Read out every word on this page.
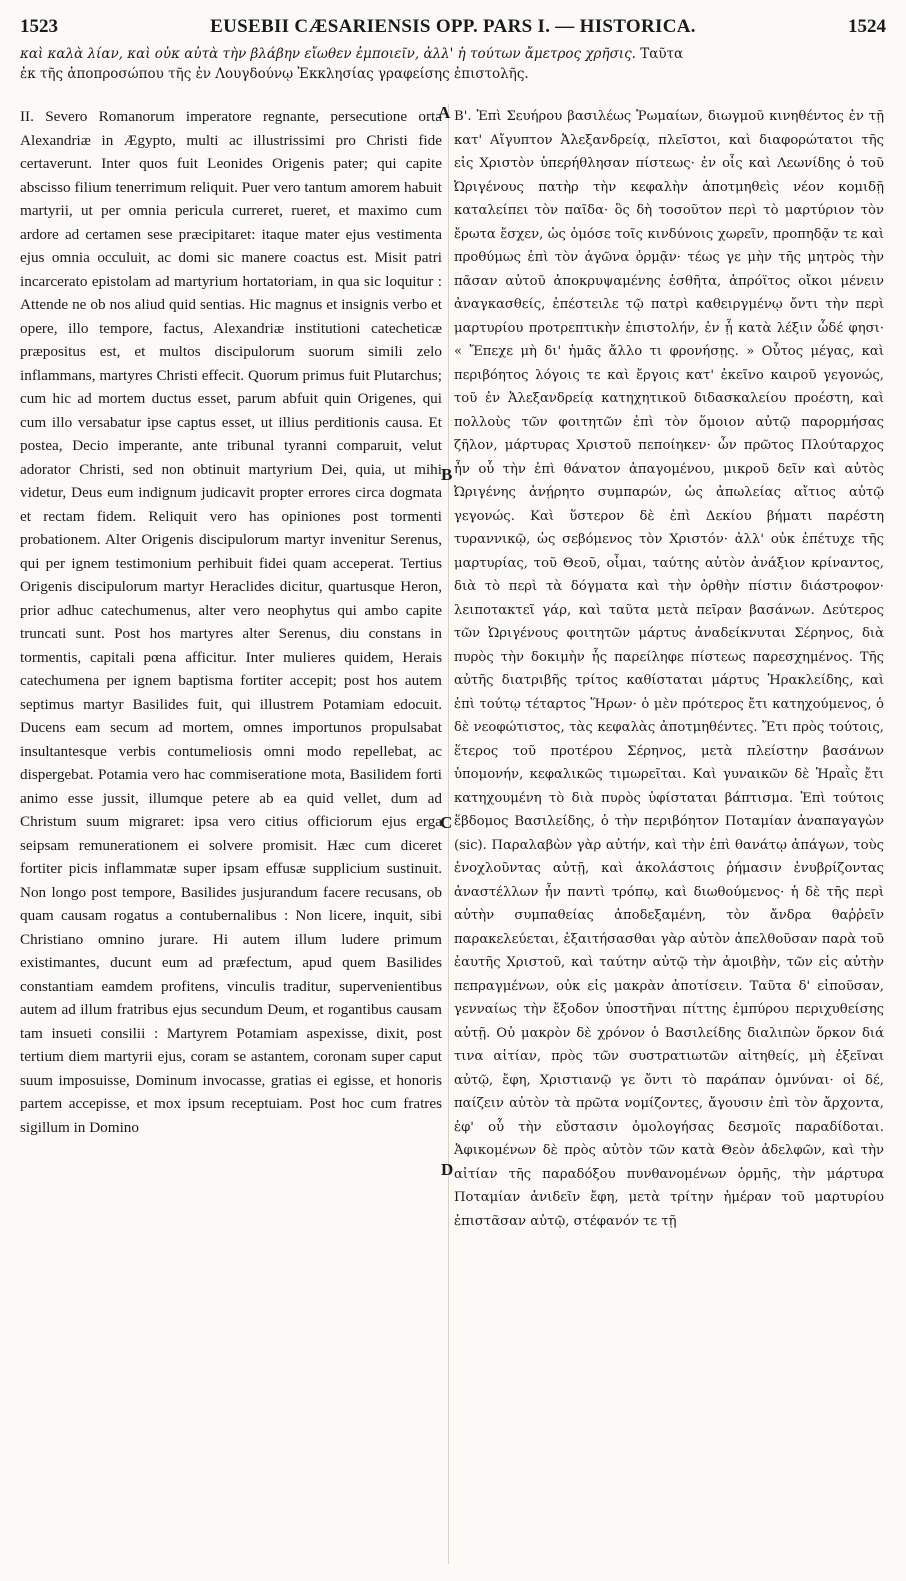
1523	EUSEBII CÆSARIENSIS OPP. PARS I. — HISTORICA.	1524
καὶ καλὰ λίαν, καὶ οὐκ αὐτὰ τὴν βλάβην εἴωθεν ἐμποιεῖν, ἀλλ' ἡ τούτων ἄμετρος χρῆσις. Ταῦτα
ἐκ τῆς ἀποπροσώπου τῆς ἐν Λουγδούνῳ Ἐκκλησίας γραφείσης ἐπιστολῆς.

II. Severo Romanorum imperatore regnante, persecutione orta Alexandriæ in Ægypto, multi ac illustrissimi pro Christi fide certaverunt. Inter quos fuit Leonides Origenis pater; qui capite abscisso filium tenerrimum reliquit. Puer vero tantum amorem habuit martyrii, ut per omnia pericula curreret, rueret, et maximo cum ardore ad certamen sese præcipitaret: itaque mater ejus vestimenta ejus omnia occuluit, ac domi sic manere coactus est. Misit patri incarcerato epistolam ad martyrium hortatoriam, in qua sic loquitur : Attende ne ob nos aliud quid sentias. Hic magnus et insignis verbo et opere, illo tempore, factus, Alexandriæ institutioni catecheticæ præpositus est, et multos discipulorum suorum simili zelo inflammans, martyres Christi effecit. Quorum primus fuit Plutarchus; cum hic ad mortem ductus esset, parum abfuit quin Origenes, qui cum illo versabatur ipse captus esset, ut illius perditionis causa. Et postea, Decio imperante, ante tribunal tyranni comparuit, velut adorator Christi, sed non obtinuit martyrium Dei, quia, ut mihi videtur, Deus eum indignum judicavit propter errores circa dogmata et rectam fidem. Reliquit vero has opiniones post tormenti probationem. Alter Origenis discipulorum martyr invenitur Serenus, qui per ignem testimonium perhibuit fidei quam acceperat. Tertius Origenis discipulorum martyr Heraclides dicitur, quartusque Heron, prior adhuc catechumenus, alter vero neophytus qui ambo capite truncati sunt. Post hos martyres alter Serenus, diu constans in tormentis, capitali pœna afficitur. Inter mulieres quidem, Herais catechumena per ignem baptisma fortiter accepit; post hos autem septimus martyr Basilides fuit, qui illustrem Potamiam edocuit. Ducens eam secum ad mortem, omnes importunos propulsabat insultantesque verbis contumeliosis omni modo repellebat, ac dispergebat. Potamia vero hac commiseratione mota, Basilidem forti animo esse jussit, illumque petere ab ea quid vellet, dum ad Christum suum migraret: ipsa vero citius officiorum ejus erga seipsam remunerationem ei solvere promisit. Hæc cum diceret fortiter picis inflammatæ super ipsam effusæ supplicium sustinuit. Non longo post tempore, Basilides jusjurandum facere recusans, ob quam causam rogatus a contubernalibus : Non licere, inquit, sibi Christiano omnino jurare. Hi autem illum ludere primum existimantes, ducunt eum ad præfectum, apud quem Basilides constantiam eamdem profitens, vinculis traditur, supervenientibus autem ad illum fratribus ejus secundum Deum, et rogantibus causam tam insueti consilii : Martyrem Potamiam aspexisse, dixit, post tertium diem martyrii ejus, coram se astantem, coronam super caput suum imposuisse, Dominum invocasse, gratias ei egisse, et honoris partem accepisse, et mox ipsum receptuiam. Post hoc cum fratres sigillum in Domino

Β'. Ἐπὶ Σευήρου βασιλέως Ῥωμαίων, διωγμοῦ κινηθέντος ἐν τῇ κατ' Αἴγυπτον Ἀλεξανδρείᾳ, πλεῖστοι, καὶ διαφορώτατοι τῆς εἰς Χριστὸν ὑπερήθλησαν πίστεως· ἐν οἷς καὶ Λεωνίδης ὁ τοῦ Ὠριγένους πατὴρ τὴν κεφαλὴν ἀποτμηθεὶς νέον κομιδῇ καταλείπει τὸν παῖδα· ὃς δὴ τοσοῦτον περὶ τὸ μαρτύριον τὸν ἔρωτα ἔσχεν, ὡς ὁμόσε τοῖς κινδύνοις χωρεῖν, προπηδᾷν τε καὶ προθύμως ἐπὶ τὸν ἀγῶνα ὁρμᾷν· τέως γε μὴν τῆς μητρὸς τὴν πᾶσαν αὐτοῦ ἀποκρυψαμένης ἐσθῆτα, ἀπρόϊτος οἴκοι μένειν ἀναγκασθείς, ἐπέστειλε τῷ πατρὶ καθειργμένῳ ὄντι τὴν περὶ μαρτυρίου προτρεπτικὴν ἐπιστολήν, ἐν ᾗ κατὰ λέξιν ὧδέ φησι· « Ἔπεχε μὴ δι' ἡμᾶς ἄλλο τι φρονήσῃς. » Οὗτος μέγας, καὶ περιβόητος λόγοις τε καὶ ἔργοις κατ' ἐκεῖνο καιροῦ γεγονώς, τοῦ ἐν Ἀλεξανδρείᾳ κατηχητικοῦ διδασκαλείου προέστη, καὶ πολλοὺς τῶν φοιτητῶν ἐπὶ τὸν ὅμοιον αὐτῷ παρορμήσας ζῆλον, μάρτυρας Χριστοῦ πεποίηκεν· ὧν πρῶτος Πλούταρχος ἦν οὗ τὴν ἐπὶ θάνατον ἀπαγομένου, μικροῦ δεῖν καὶ αὐτὸς Ὠριγένης ἀνῄρητο συμπαρών, ὡς ἀπωλείας αἴτιος αὐτῷ γεγονώς. Καὶ ὕστερον δὲ ἐπὶ Δεκίου βήματι παρέστη τυραννικῷ, ὡς σεβόμενος τὸν Χριστόν· ἀλλ' οὐκ ἐπέτυχε τῆς μαρτυρίας, τοῦ Θεοῦ, οἶμαι, ταύτης αὐτὸν ἀνάξιον κρίναντος, διὰ τὸ περὶ τὰ δόγματα καὶ τὴν ὀρθὴν πίστιν διάστροφον· λειποτακτεῖ γάρ, καὶ ταῦτα μετὰ πεῖραν βασάνων. Δεύτερος τῶν Ὠριγένους φοιτητῶν μάρτυς ἀναδείκνυται Σέρηνος, διὰ πυρὸς τὴν δοκιμὴν ἧς παρείληφε πίστεως παρεσχημένος. Τῆς αὐτῆς διατριβῆς τρίτος καθίσταται μάρτυς Ἡρακλείδης, καὶ ἐπὶ τούτῳ τέταρτος Ἥρων· ὁ μὲν πρότερος ἔτι κατηχούμενος, ὁ δὲ νεοφώτιστος, τὰς κεφαλὰς ἀποτμηθέντες. Ἔτι πρὸς τούτοις, ἕτερος τοῦ προτέρου Σέρηνος, μετὰ πλείστην βασάνων ὑπομονήν, κεφαλικῶς τιμωρεῖται. Καὶ γυναικῶν δὲ Ἡραῒς ἔτι κατηχουμένη τὸ διὰ πυρὸς ὑφίσταται βάπτισμα. Ἐπὶ τούτοις ἕβδομος Βασιλείδης, ὁ τὴν περιβόητον Ποταμίαν ἀναπαγαγὼν (sic). Παραλαβὼν γὰρ αὐτήν, καὶ τὴν ἐπὶ θανάτῳ ἀπάγων, τοὺς ἐνοχλοῦντας αὐτῇ, καὶ ἀκολάστοις ῥήμασιν ἐνυβρίζοντας ἀναστέλλων ἦν παντὶ τρόπῳ, καὶ διωθούμενος· ἡ δὲ τῆς περὶ αὐτὴν συμπαθείας ἀποδεξαμένη, τὸν ἄνδρα θαῤῥεῖν παρακελεύεται, ἐξαιτήσασθαι γὰρ αὐτὸν ἀπελθοῦσαν παρὰ τοῦ ἑαυτῆς Χριστοῦ, καὶ ταύτην αὐτῷ τὴν ἀμοιβὴν, τῶν εἰς αὐτὴν πεπραγμένων, οὐκ εἰς μακρὰν ἀποτίσειν. Ταῦτα δ' εἰποῦσαν, γενναίως τὴν ἔξοδον ὑποστῆναι πίττης ἐμπύρου περιχυθείσης αὐτῇ. Οὐ μακρὸν δὲ χρόνον ὁ Βασιλείδης διαλιπὼν ὅρκον διά τινα αἰτίαν, πρὸς τῶν συστρατιωτῶν αἰτηθείς, μὴ ἐξεῖναι αὐτῷ, ἔφη, Χριστιανῷ γε ὄντι τὸ παράπαν ὀμνύναι· οἱ δέ, παίζειν αὐτὸν τὰ πρῶτα νομίζοντες, ἄγουσιν ἐπὶ τὸν ἄρχοντα, ἐφ' οὗ τὴν εὔστασιν ὁμολογήσας δεσμοῖς παραδίδοται. Ἀφικομένων δὲ πρὸς αὐτὸν τῶν κατὰ Θεὸν ἀδελφῶν, καὶ τὴν αἰτίαν τῆς παραδόξου πυνθανομένων ὁρμῆς, τὴν μάρτυρα Ποταμίαν ἀνιδεῖν ἔφη, μετὰ τρίτην ἡμέραν τοῦ μαρτυρίου ἐπιστᾶσαν αὐτῷ, στέφανόν τε τῇ

A
B
C
D
